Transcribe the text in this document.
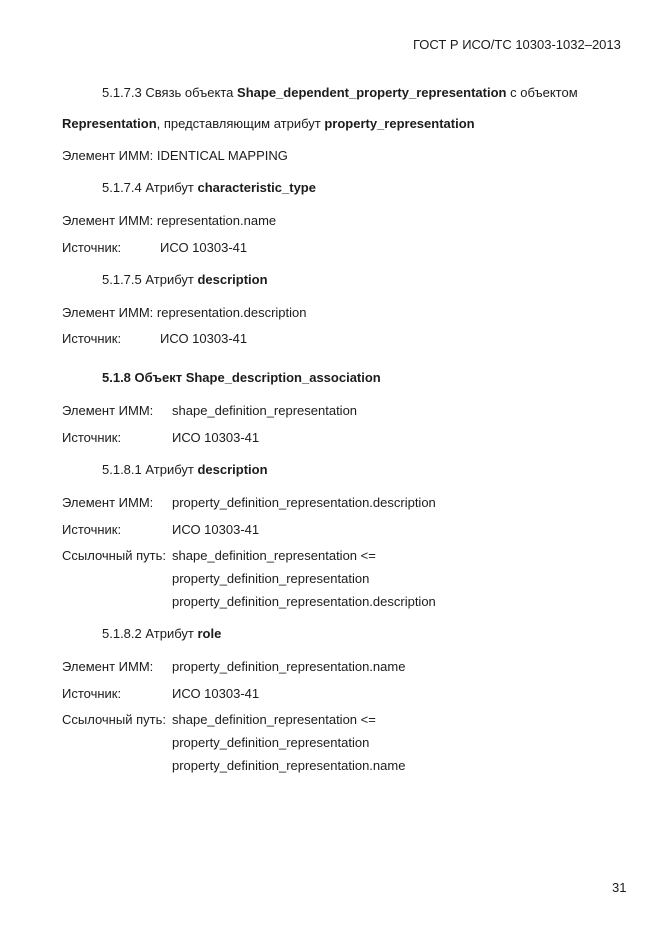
ГОСТ Р ИСО/ТС 10303-1032–2013
5.1.7.3 Связь объекта Shape_dependent_property_representation с объектом
Representation, представляющим атрибут property_representation
Элемент ИММ: IDENTICAL MAPPING
5.1.7.4 Атрибут characteristic_type
Элемент ИММ: representation.name
Источник:	ИСО 10303-41
5.1.7.5 Атрибут description
Элемент ИММ: representation.description
Источник:	ИСО 10303-41
5.1.8 Объект Shape_description_association
Элемент ИММ: shape_definition_representation
Источник:	ИСО 10303-41
5.1.8.1 Атрибут description
Элемент ИММ: property_definition_representation.description
Источник:	ИСО 10303-41
Ссылочный путь: shape_definition_representation <=
property_definition_representation
property_definition_representation.description
5.1.8.2 Атрибут role
Элемент ИММ: property_definition_representation.name
Источник:	ИСО 10303-41
Ссылочный путь: shape_definition_representation <=
property_definition_representation
property_definition_representation.name
31
